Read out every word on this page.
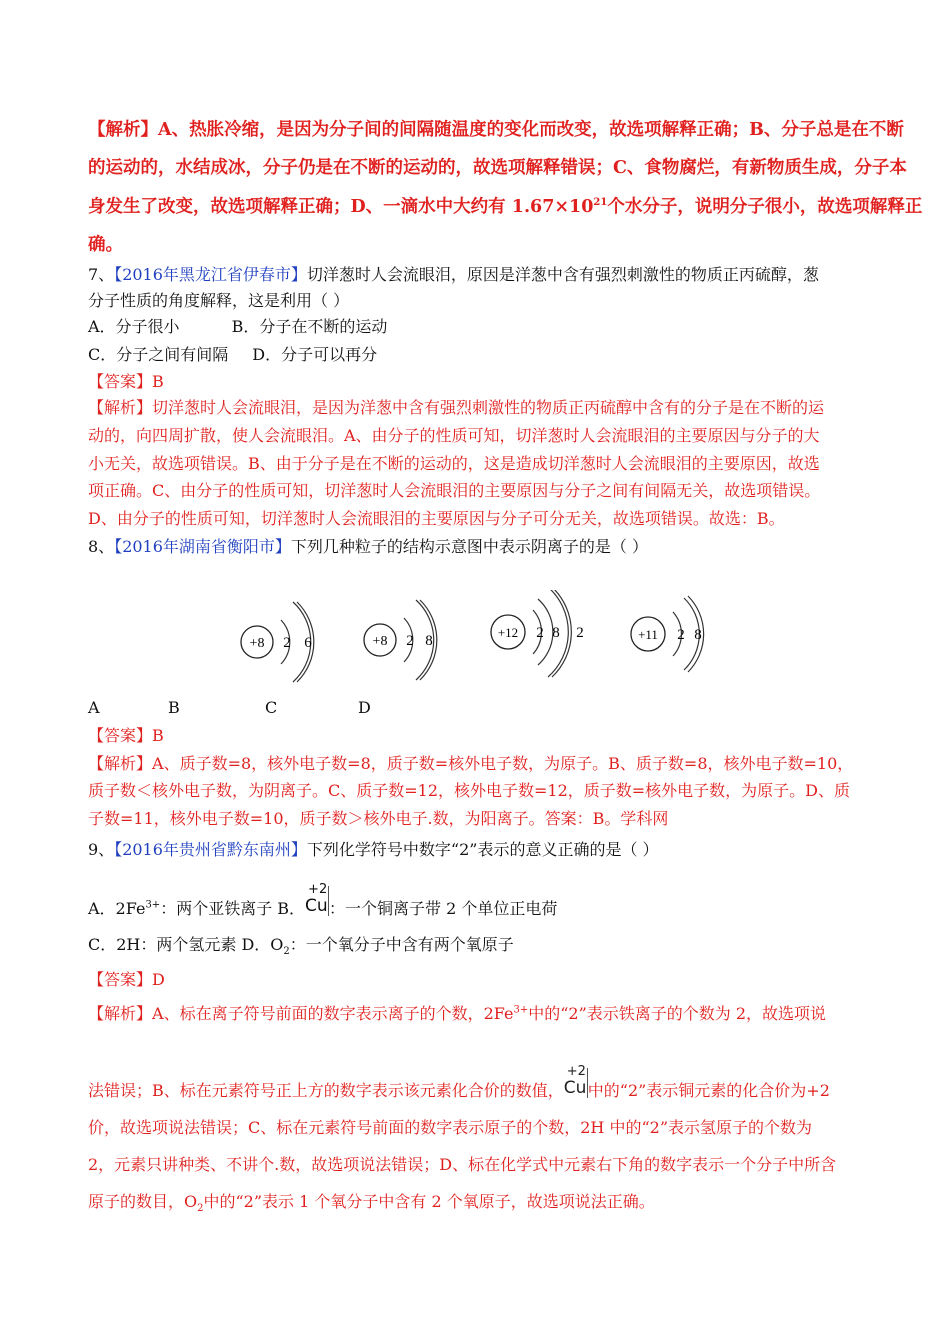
【解析】A、热胀冷缩，是因为分子间的间隔随温度的变化而改变，故选项解释正确；B、分子总是在不断
的运动的，水结成冰，分子仍是在不断的运动的，故选项解释错误；C、食物腐烂，有新物质生成，分子本
身发生了改变，故选项解释正确；D、一滴水中大约有 $1.67\times 10^{21}$个水分子，说明分子很小，故选项解释正
确。
7、【2016年黑龙江省伊春市】切洋葱时人会流眼泪，原因是洋葱中含有强烈刺激性的物质正丙硫醇，葱
分子性质的角度解释，这是利用（ ）
A．分子很小	B．分子在不断的运动
C．分子之间有间隔 D．分子可以再分
【答案】B
【解析】切洋葱时人会流眼泪，是因为洋葱中含有强烈刺激性的物质正丙硫醇中含有的分子是在不断的运
动的，向四周扩散，使人会流眼泪。A、由分子的性质可知，切洋葱时人会流眼泪的主要原因与分子的大
小无关，故选项错误。B、由于分子是在不断的运动的，这是造成切洋葱时人会流眼泪的主要原因，故选
项正确。C、由分子的性质可知，切洋葱时人会流眼泪的主要原因与分子之间有间隔无关，故选项错误。
D、由分子的性质可知，切洋葱时人会流眼泪的主要原因与分子可分无关，故选项错误。故选：B。
8、【2016年湖南省衡阳市】下列几种粒子的结构示意图中表示阴离子的是（ ）
+8 2 6	+8 2 8
+12 2 8 2	+11 2 8
A	B	C	D
【答案】B
【解析】A、质子数=8，核外电子数=8，质子数=核外电子数，为原子。B、质子数=8，核外电子数=10，
质子数＜核外电子数，为阴离子。C、质子数=12，核外电子数=12，质子数=核外电子数，为原子。D、质
子数=11，核外电子数=10，质子数＞核外电子.数，为阳离子。答案：B。学科网
9、【2016年贵州省黔东南州】下列化学符号中数字“2”表示的意义正确的是（ ）
A．$2Fe^{3+}$：两个亚铁离子 B．
+2
Cu ：一个铜离子带 2 个单位正电荷
C．2H：两个氢元素 D．$O_2$：一个氧分子中含有两个氧原子
【答案】D
【解析】A、标在离子符号前面的数字表示离子的个数，$2Fe^{3+}$中的“2”表示铁离子的个数为 2，故选项说
法错误；B、标在元素符号正上方的数字表示该元素化合价的数值，
+2
Cu 中的“2”表示铜元素的化合价为+2
价，故选项说法错误；C、标在元素符号前面的数字表示原子的个数，2H 中的“2”表示氢原子的个数为
2，元素只讲种类、不讲个.数，故选项说法错误；D、标在化学式中元素右下角的数字表示一个分子中所含
原子的数目，$O_2$中的“2”表示 1 个氧分子中含有 2 个氧原子，故选项说法正确。
